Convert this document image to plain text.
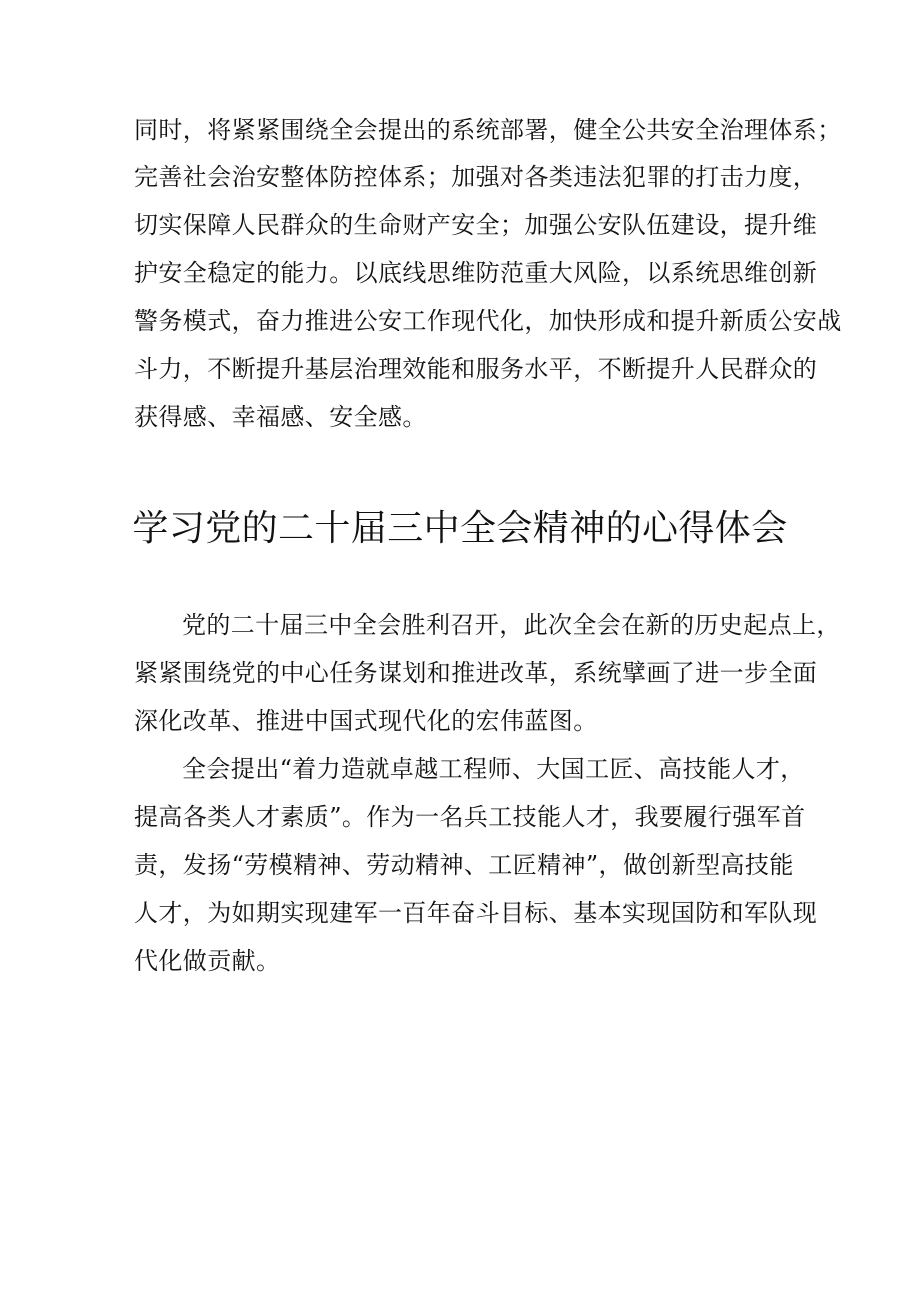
同时，将紧紧围绕全会提出的系统部署，健全公共安全治理体系；

完善社会治安整体防控体系；加强对各类违法犯罪的打击力度，

切实保障人民群众的生命财产安全；加强公安队伍建设，提升维

护安全稳定的能力。以底线思维防范重大风险，以系统思维创新

警务模式，奋力推进公安工作现代化，加快形成和提升新质公安战

斗力，不断提升基层治理效能和服务水平，不断提升人民群众的

获得感、幸福感、安全感。

学习党的二十届三中全会精神的心得体会

党的二十届三中全会胜利召开，此次全会在新的历史起点上，

紧紧围绕党的中心任务谋划和推进改革，系统擘画了进一步全面

深化改革、推进中国式现代化的宏伟蓝图。

全会提出“着力造就卓越工程师、大国工匠、高技能人才，

提高各类人才素质”。作为一名兵工技能人才，我要履行强军首

责，发扬“劳模精神、劳动精神、工匠精神”，做创新型高技能

人才，为如期实现建军一百年奋斗目标、基本实现国防和军队现

代化做贡献。
